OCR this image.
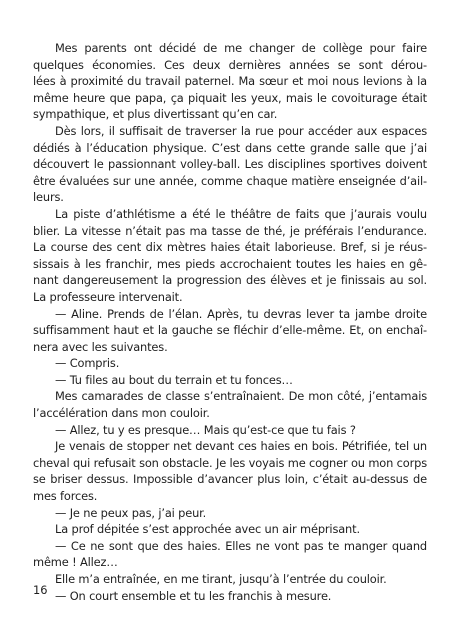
Mes parents ont décidé de me changer de collège pour faire
quelques économies. Ces deux dernières années se sont dérou-
lées à proximité du travail paternel. Ma sœur et moi nous levions à la
même heure que papa, ça piquait les yeux, mais le covoiturage était
sympathique, et plus divertissant qu’en car.
Dès lors, il suffisait de traverser la rue pour accéder aux espaces
dédiés à l’éducation physique. C’est dans cette grande salle que j’ai
découvert le passionnant volley-ball. Les disciplines sportives doivent
être évaluées sur une année, comme chaque matière enseignée d’ail-
leurs.
La piste d’athlétisme a été le théâtre de faits que j’aurais voulu
blier. La vitesse n’était pas ma tasse de thé, je préférais l’endurance.
La course des cent dix mètres haies était laborieuse. Bref, si je réus-
sissais à les franchir, mes pieds accrochaient toutes les haies en gê-
nant dangereusement la progression des élèves et je finissais au sol.
La professeure intervenait.
— Aline. Prends de l’élan. Après, tu devras lever ta jambe droite
suffisamment haut et la gauche se fléchir d’elle-même. Et, on enchaî-
nera avec les suivantes.
— Compris.
— Tu files au bout du terrain et tu fonces…
Mes camarades de classe s’entraînaient. De mon côté, j’entamais
l’accélération dans mon couloir.
— Allez, tu y es presque… Mais qu’est-ce que tu fais ?
Je venais de stopper net devant ces haies en bois. Pétrifiée, tel un
cheval qui refusait son obstacle. Je les voyais me cogner ou mon corps
se briser dessus. Impossible d’avancer plus loin, c’était au-dessus de
mes forces.
— Je ne peux pas, j’ai peur.
La prof dépitée s’est approchée avec un air méprisant.
— Ce ne sont que des haies. Elles ne vont pas te manger quand
même ! Allez…
Elle m’a entraînée, en me tirant, jusqu’à l’entrée du couloir.
— On court ensemble et tu les franchis à mesure.
16
